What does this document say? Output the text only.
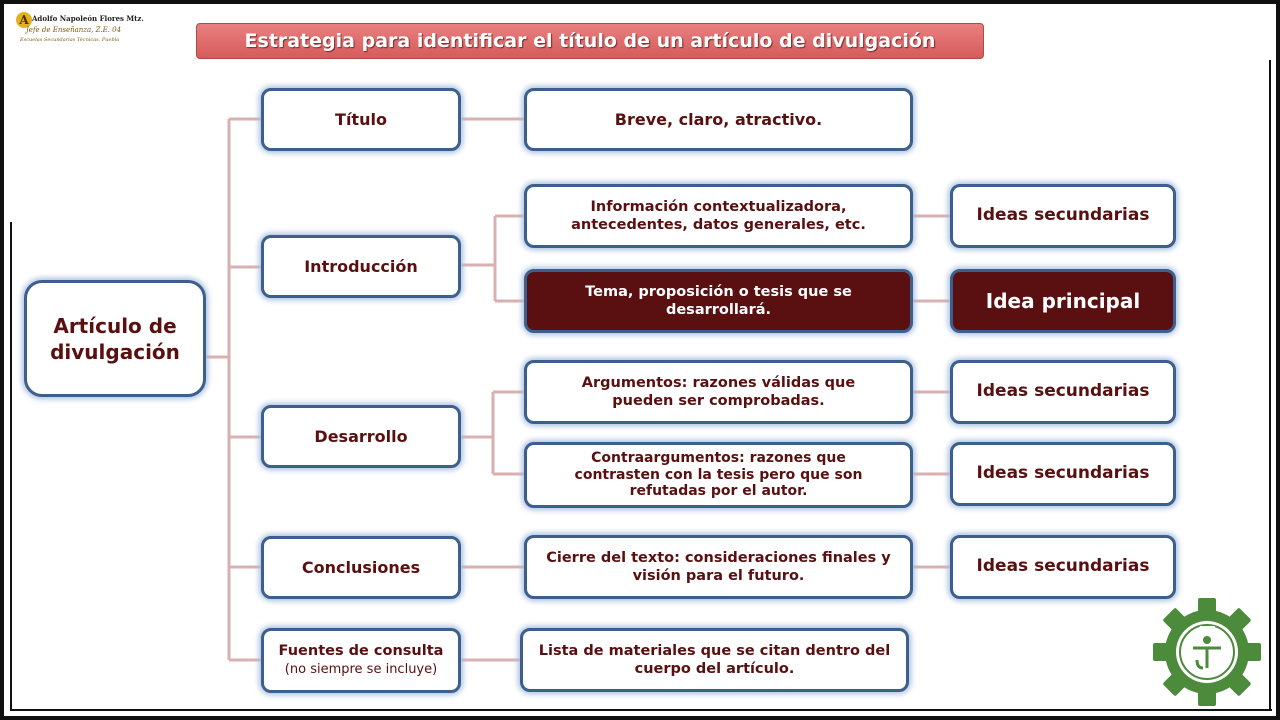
A Adolfo Napoleón Flores Mtz.
Jefe de Enseñanza, Z.E. 04
Escuelas Secundarias Técnicas, Puebla	Estrategia para identificar el título de un artículo de divulgación
Artículo de divulgación
Título
Introducción
Desarrollo
Conclusiones
Fuentes de consulta (no siempre se incluye)
Breve, claro, atractivo.
Información contextualizadora, antecedentes, datos generales, etc.
Tema, proposición o tesis que se desarrollará.
Argumentos: razones válidas que pueden ser comprobadas.
Contraargumentos: razones que contrasten con la tesis pero que son refutadas por el autor.
Cierre del texto: consideraciones finales y visión para el futuro.
Lista de materiales que se citan dentro del cuerpo del artículo.
Ideas secundarias
Idea principal
Ideas secundarias
Ideas secundarias
Ideas secundarias
DST
